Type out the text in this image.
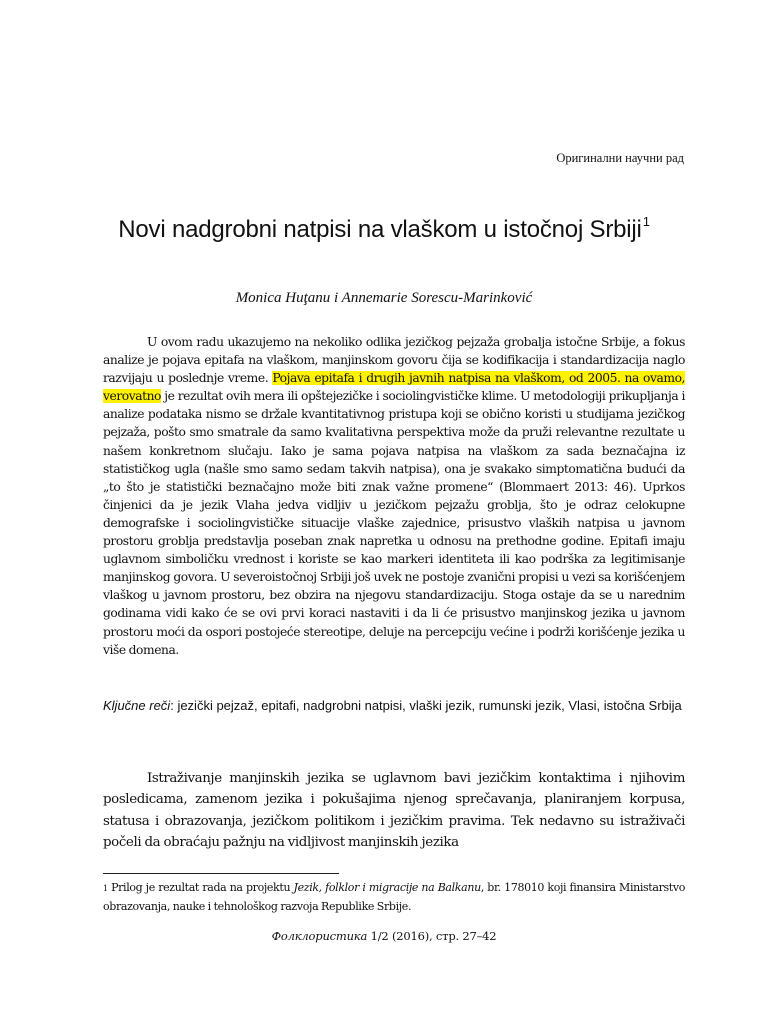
Оригинални научни рад
Novi nadgrobni natpisi na vlaškom u istočnoj Srbiji$^1$
Monica Huţanu i Annemarie Sorescu-Marinković

U ovom radu ukazujemo na nekoliko odlika jezičkog pejzaža grobalja istočne Srbije, a fokus analize je pojava epitafa na vlaškom, manjinskom govoru čija se kodifikacija i standardizacija naglo razvijaju u poslednje vreme. Pojava epitafa i drugih javnih natpisa na vlaškom, od 2005. na ovamo, verovatno je rezultat ovih mera ili opštejezičke i sociolingvističke klime. U metodologiji prikupljanja i analize podataka nismo se držale kvantitativnog pristupa koji se obično koristi u studijama jezičkog pejzaža, pošto smo smatrale da samo kvalitativna perspektiva može da pruži relevantne rezultate u našem konkretnom slučaju. Iako je sama pojava natpisa na vlaškom za sada beznačajna iz statističkog ugla (našle smo samo sedam takvih natpisa), ona je svakako simptomatična budući da „to što je statistički beznačajno može biti znak važne promene“ (Blommaert 2013: 46). Uprkos činjenici da je jezik Vlaha jedva vidljiv u jezičkom pejzažu groblja, što je odraz celokupne demografske i sociolingvističke situacije vlaške zajednice, prisustvo vlaških natpisa u javnom prostoru groblja predstavlja poseban znak napretka u odnosu na prethodne godine. Epitafi imaju uglavnom simboličku vrednost i koriste se kao markeri identiteta ili kao podrška za legitimisanje manjinskog govora. U severoistočnoj Srbiji još uvek ne postoje zvanični propisi u vezi sa korišćenjem vlaškog u javnom prostoru, bez obzira na njegovu standardizaciju. Stoga ostaje da se u narednim godinama vidi kako će se ovi prvi koraci nastaviti i da li će prisustvo manjinskog jezika u javnom prostoru moći da ospori postojeće stereotipe, deluje na percepciju većine i podrži korišćenje jezika u više domena.

Ključne reči: jezički pejzaž, epitafi, nadgrobni natpisi, vlaški jezik, rumunski jezik, Vlasi, istočna Srbija

Istraživanje manjinskih jezika se uglavnom bavi jezičkim kontaktima i njihovim posledicama, zamenom jezika i pokušajima njenog sprečavanja, planiranjem korpusa, statusa i obrazovanja, jezičkom politikom i jezičkim pravima. Tek nedavno su istraživači počeli da obraćaju pažnju na vidljivost manjinskih jezika

$^1$ Prilog je rezultat rada na projektu Jezik, folklor i migracije na Balkanu, br. 178010 koji finansira Ministarstvo obrazovanja, nauke i tehnološkog razvoja Republike Srbije.

Фолклористика 1/2 (2016), стр. 27–42
